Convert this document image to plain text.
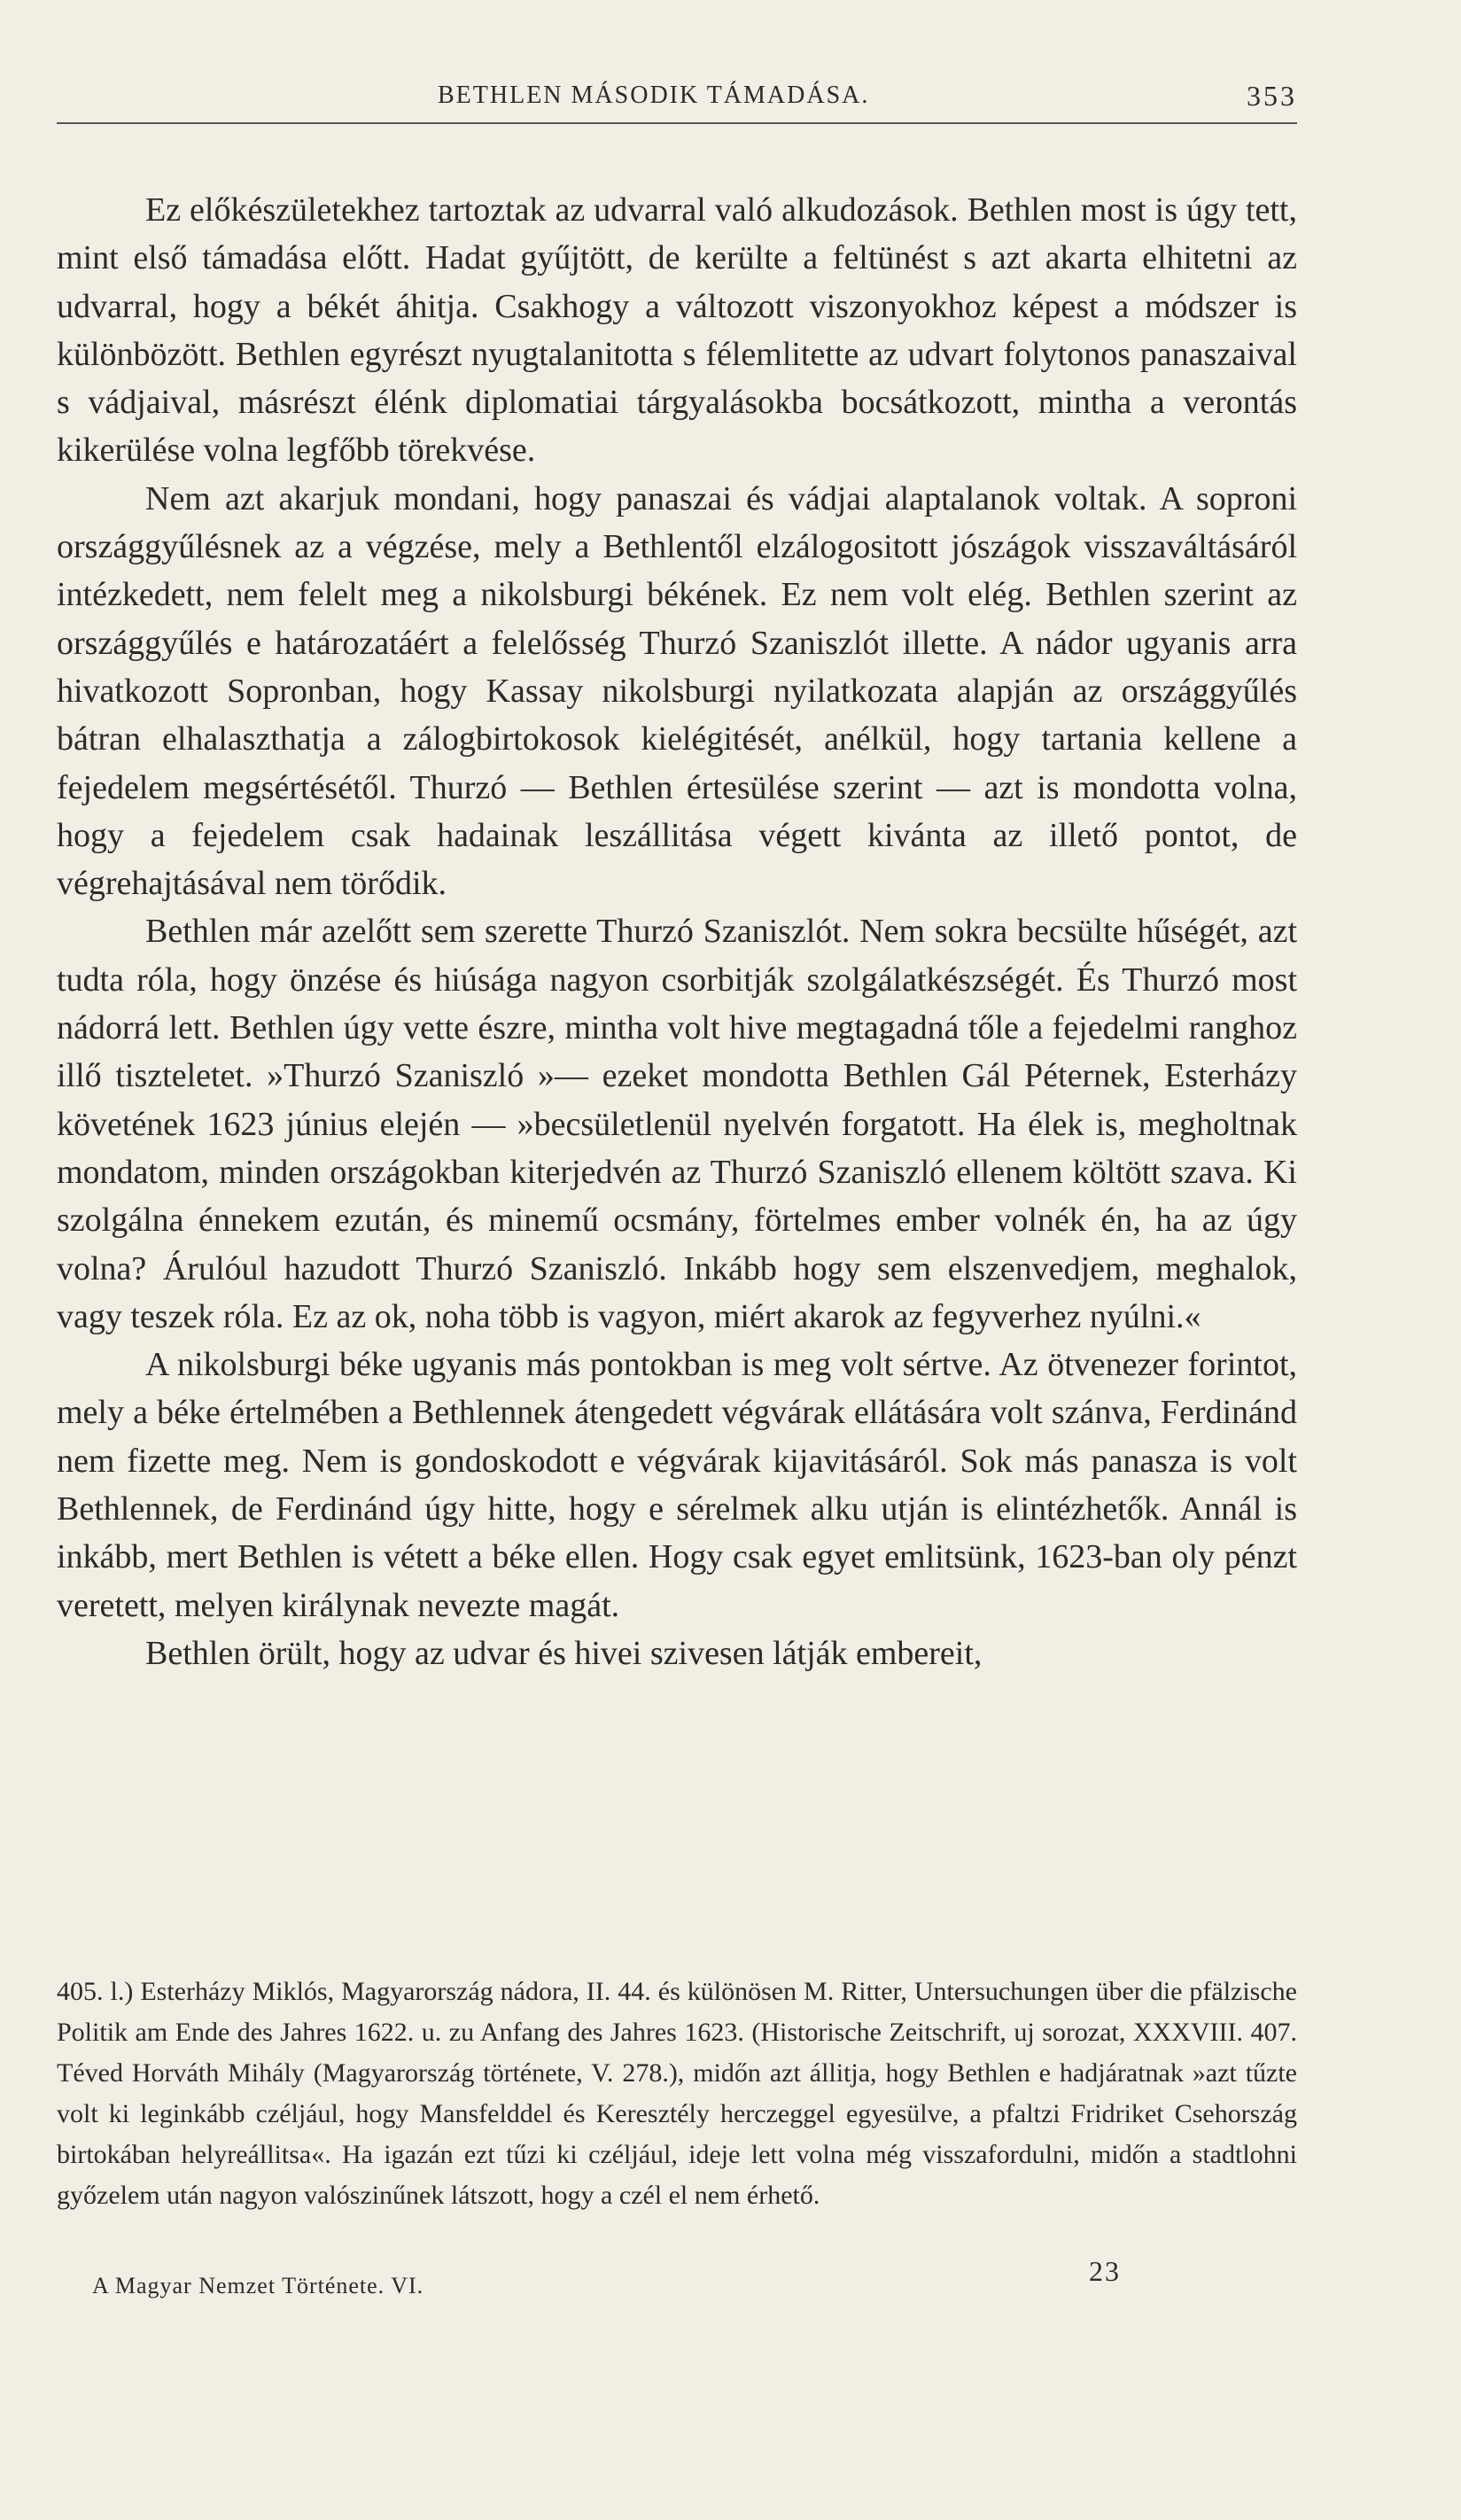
BETHLEN MÁSODIK TÁMADÁSA.	353

Ez előkészületekhez tartoztak az udvarral való alkudozások. Bethlen most is úgy tett, mint első támadása előtt. Hadat gyűjtött, de kerülte a feltünést s azt akarta elhitetni az udvarral, hogy a békét áhitja. Csakhogy a változott viszonyokhoz képest a módszer is különbözött. Bethlen egyrészt nyugtalanitotta s félemlitette az udvart folytonos panaszaival s vádjaival, másrészt élénk diplomatiai tárgyalásokba bocsátkozott, mintha a verontás kikerülése volna legfőbb törekvése.

Nem azt akarjuk mondani, hogy panaszai és vádjai alaptalanok voltak. A soproni országgyűlésnek az a végzése, mely a Bethlentől elzálogositott jószágok visszaváltásáról intézkedett, nem felelt meg a nikolsburgi békének. Ez nem volt elég. Bethlen szerint az országgyűlés e határozatáért a felelősség Thurzó Szaniszlót illette. A nádor ugyanis arra hivatkozott Sopronban, hogy Kassay nikolsburgi nyilatkozata alapján az országgyűlés bátran elhalaszthatja a zálogbirtokosok kielégitését, anélkül, hogy tartania kellene a fejedelem megsértésétől. Thurzó — Bethlen értesülése szerint — azt is mondotta volna, hogy a fejedelem csak hadainak leszállitása végett kivánta az illető pontot, de végrehajtásával nem törődik.

Bethlen már azelőtt sem szerette Thurzó Szaniszlót. Nem sokra becsülte hűségét, azt tudta róla, hogy önzése és hiúsága nagyon csorbitják szolgálatkészségét. És Thurzó most nádorrá lett. Bethlen úgy vette észre, mintha volt hive megtagadná tőle a fejedelmi ranghoz illő tiszteletet. »Thurzó Szaniszló »— ezeket mondotta Bethlen Gál Péternek, Esterházy követének 1623 június elején — »becsületlenül nyelvén forgatott. Ha élek is, megholtnak mondatom, minden országokban kiterjedvén az Thurzó Szaniszló ellenem költött szava. Ki szolgálna énnekem ezután, és minemű ocsmány, förtelmes ember volnék én, ha az úgy volna? Árulóul hazudott Thurzó Szaniszló. Inkább hogy sem elszenvedjem, meghalok, vagy teszek róla. Ez az ok, noha több is vagyon, miért akarok az fegyverhez nyúlni.«

A nikolsburgi béke ugyanis más pontokban is meg volt sértve. Az ötvenezer forintot, mely a béke értelmében a Bethlennek átengedett végvárak ellátására volt szánva, Ferdinánd nem fizette meg. Nem is gondoskodott e végvárak kijavitásáról. Sok más panasza is volt Bethlennek, de Ferdinánd úgy hitte, hogy e sérelmek alku utján is elintézhetők. Annál is inkább, mert Bethlen is vétett a béke ellen. Hogy csak egyet emlitsünk, 1623-ban oly pénzt veretett, melyen királynak nevezte magát.

Bethlen örült, hogy az udvar és hivei szivesen látják embereit,

405. l.) Esterházy Miklós, Magyarország nádora, II. 44. és különösen M. Ritter, Untersuchungen über die pfälzische Politik am Ende des Jahres 1622. u. zu Anfang des Jahres 1623. (Historische Zeitschrift, uj sorozat, XXXVIII. 407. Téved Horváth Mihály (Magyarország története, V. 278.), midőn azt állitja, hogy Bethlen e hadjáratnak »azt tűzte volt ki leginkább czéljául, hogy Mansfelddel és Keresztély herczeggel egyesülve, a pfaltzi Fridriket Csehország birtokában helyreállitsa«. Ha igazán ezt tűzi ki czéljául, ideje lett volna még visszafordulni, midőn a stadtlohni győzelem után nagyon valószinűnek látszott, hogy a czél el nem érhető.

A Magyar Nemzet Története. VI.	23
